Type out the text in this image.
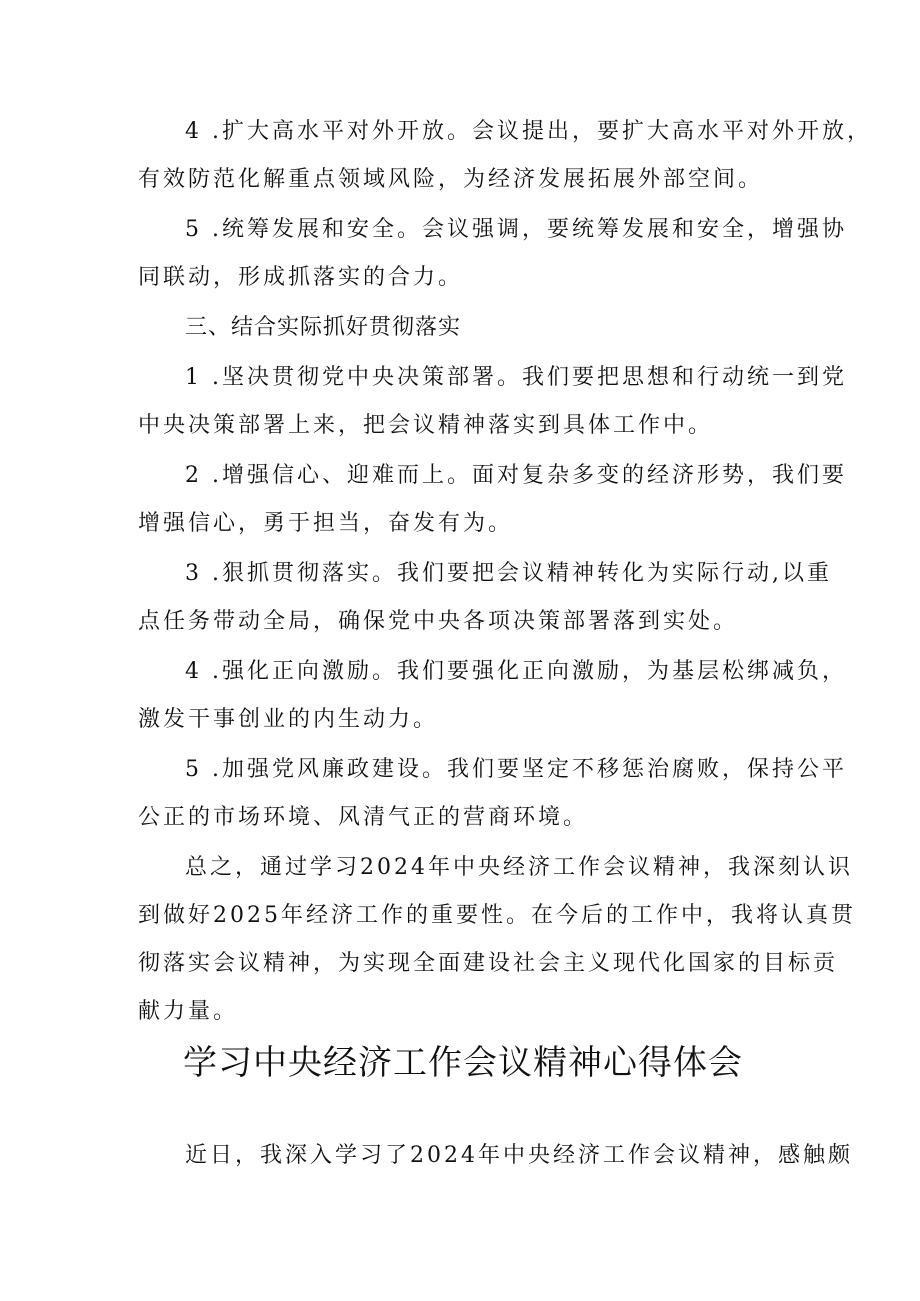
4 .扩大高水平对外开放。会议提出，要扩大高水平对外开放，
有效防范化解重点领域风险，为经济发展拓展外部空间。
5 .统筹发展和安全。会议强调，要统筹发展和安全，增强协
同联动，形成抓落实的合力。
三、结合实际抓好贯彻落实
1 .坚决贯彻党中央决策部署。我们要把思想和行动统一到党
中央决策部署上来，把会议精神落实到具体工作中。
2 .增强信心、迎难而上。面对复杂多变的经济形势，我们要
增强信心，勇于担当，奋发有为。
3 .狠抓贯彻落实。我们要把会议精神转化为实际行动,以重
点任务带动全局，确保党中央各项决策部署落到实处。
4 .强化正向激励。我们要强化正向激励，为基层松绑减负，
激发干事创业的内生动力。
5 .加强党风廉政建设。我们要坚定不移惩治腐败，保持公平
公正的市场环境、风清气正的营商环境。
总之，通过学习2024年中央经济工作会议精神，我深刻认识
到做好2025年经济工作的重要性。在今后的工作中，我将认真贯
彻落实会议精神，为实现全面建设社会主义现代化国家的目标贡
献力量。
学习中央经济工作会议精神心得体会
近日，我深入学习了2024年中央经济工作会议精神，感触颇
